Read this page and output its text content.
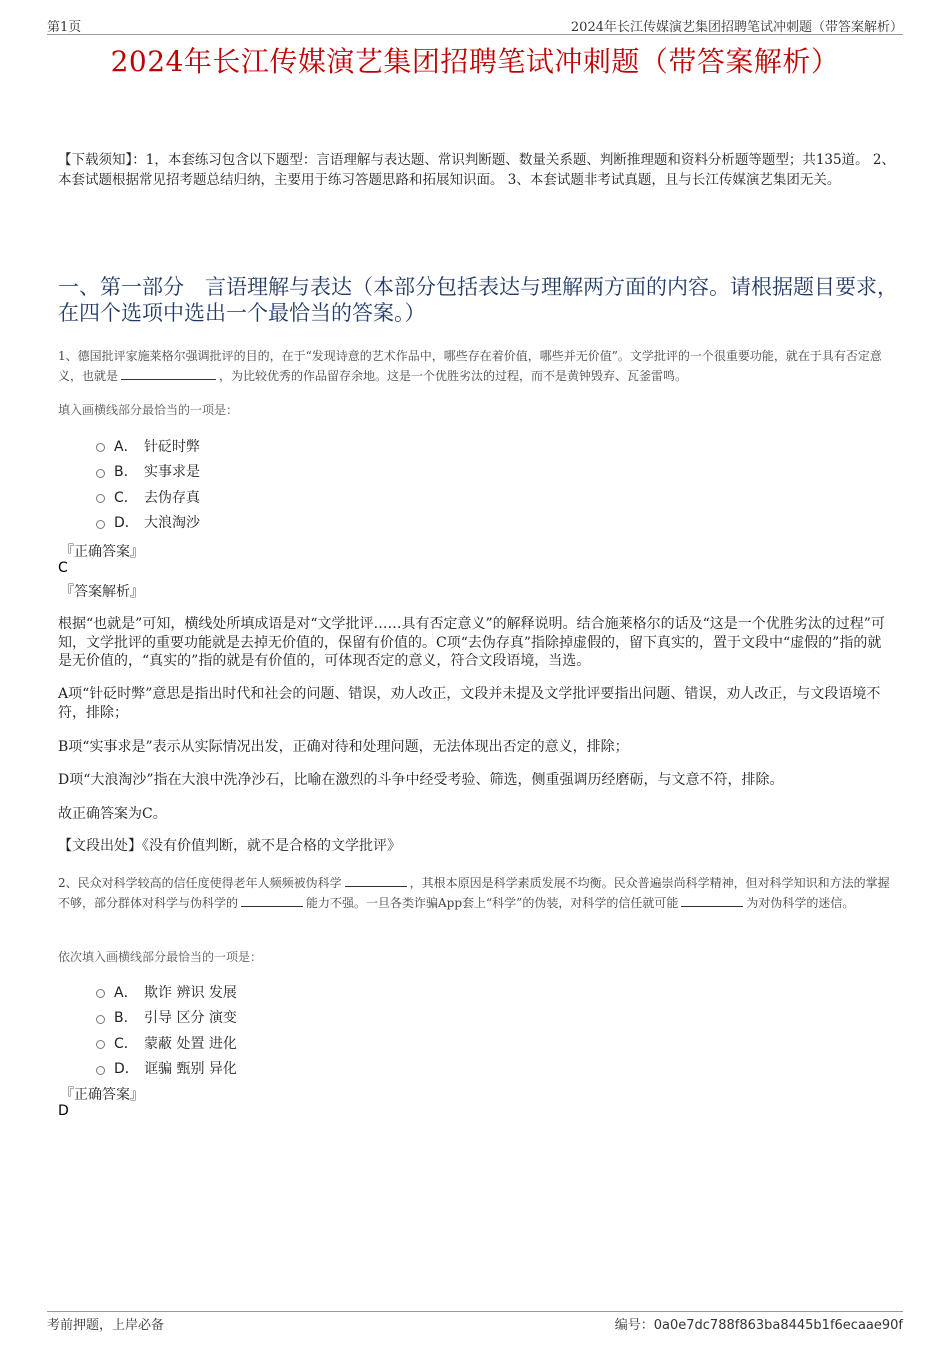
第1页	2024年长江传媒演艺集团招聘笔试冲刺题（带答案解析）
2024年长江传媒演艺集团招聘笔试冲刺题（带答案解析）

【下载须知】：1，本套练习包含以下题型：言语理解与表达题、常识判断题、数量关系题、判断推理题和资料分析题等题型；共135道。 2、本套试题根据常见招考题总结归纳，主要用于练习答题思路和拓展知识面。 3、本套试题非考试真题，且与长江传媒演艺集团无关。

一、第一部分　言语理解与表达（本部分包括表达与理解两方面的内容。请根据题目要求，在四个选项中选出一个最恰当的答案。）

1、德国批评家施莱格尔强调批评的目的，在于“发现诗意的艺术作品中，哪些存在着价值，哪些并无价值”。文学批评的一个很重要功能，就在于具有否定意义，也就是	，为比较优秀的作品留存余地。这是一个优胜劣汰的过程，而不是黄钟毁弃、瓦釜雷鸣。

填入画横线部分最恰当的一项是：

A． 针砭时弊
B． 实事求是
C． 去伪存真
D． 大浪淘沙

『正确答案』

C

『答案解析』

根据“也就是”可知，横线处所填成语是对“文学批评……具有否定意义”的解释说明。结合施莱格尔的话及“这是一个优胜劣汰的过程”可知，文学批评的重要功能就是去掉无价值的，保留有价值的。C项“去伪存真”指除掉虚假的，留下真实的，置于文段中“虚假的”指的就是无价值的，“真实的”指的就是有价值的，可体现否定的意义，符合文段语境，当选。

A项“针砭时弊”意思是指出时代和社会的问题、错误，劝人改正，文段并未提及文学批评要指出问题、错误，劝人改正，与文段语境不符，排除；

B项“实事求是”表示从实际情况出发，正确对待和处理问题，无法体现出否定的意义，排除；

D项“大浪淘沙”指在大浪中洗净沙石，比喻在激烈的斗争中经受考验、筛选，侧重强调历经磨砺，与文意不符，排除。

故正确答案为C。

【文段出处】《没有价值判断，就不是合格的文学批评》

2、民众对科学较高的信任度使得老年人频频被伪科学	，其根本原因是科学素质发展不均衡。民众普遍崇尚科学精神，但对科学知识和方法的掌握不够，部分群体对科学与伪科学的	能力不强。一旦各类诈骗App套上“科学”的伪装，对科学的信任就可能	为对伪科学的迷信。

依次填入画横线部分最恰当的一项是：

A． 欺诈 辨识 发展
B． 引导 区分 演变
C． 蒙蔽 处置 进化
D． 诓骗 甄别 异化

『正确答案』

D

考前押题，上岸必备	编号：0a0e7dc788f863ba8445b1f6ecaae90f
